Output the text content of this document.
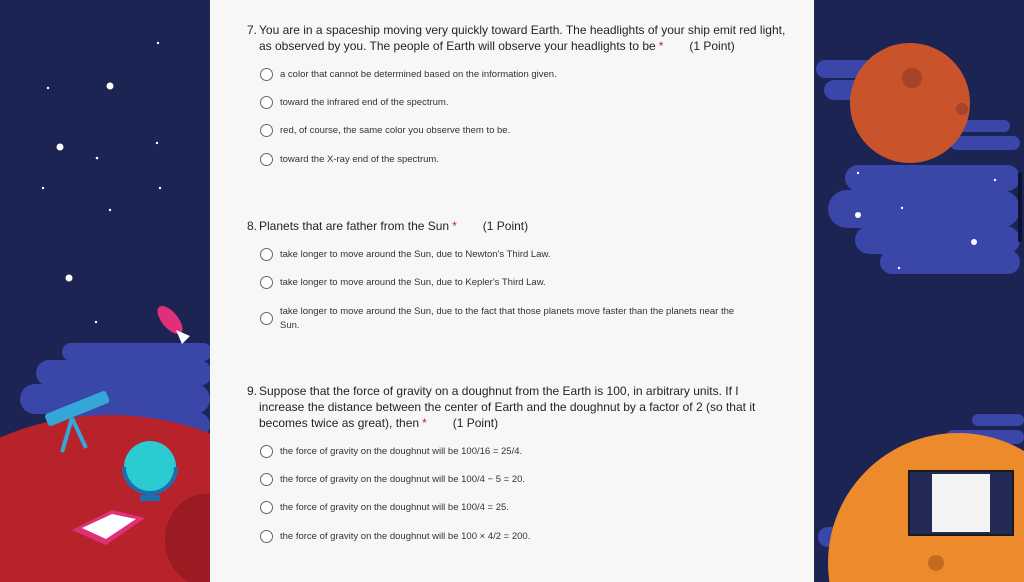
7. You are in a spaceship moving very quickly toward Earth. The headlights of your ship emit red light, as observed by you. The people of Earth will observe your headlights to be * (1 Point)
a color that cannot be determined based on the information given.
toward the infrared end of the spectrum.
red, of course, the same color you observe them to be.
toward the X-ray end of the spectrum.
8. Planets that are father from the Sun * (1 Point)
take longer to move around the Sun, due to Newton's Third Law.
take longer to move around the Sun, due to Kepler's Third Law.
take longer to move around the Sun, due to the fact that those planets move faster than the planets near the Sun.
9. Suppose that the force of gravity on a doughnut from the Earth is 100, in arbitrary units. If I increase the distance between the center of Earth and the doughnut by a factor of 2 (so that it becomes twice as great), then * (1 Point)
the force of gravity on the doughnut will be 100/16 = 25/4.
the force of gravity on the doughnut will be 100/4 − 5 = 20.
the force of gravity on the doughnut will be 100/4 = 25.
the force of gravity on the doughnut will be 100 × 4/2 = 200.
